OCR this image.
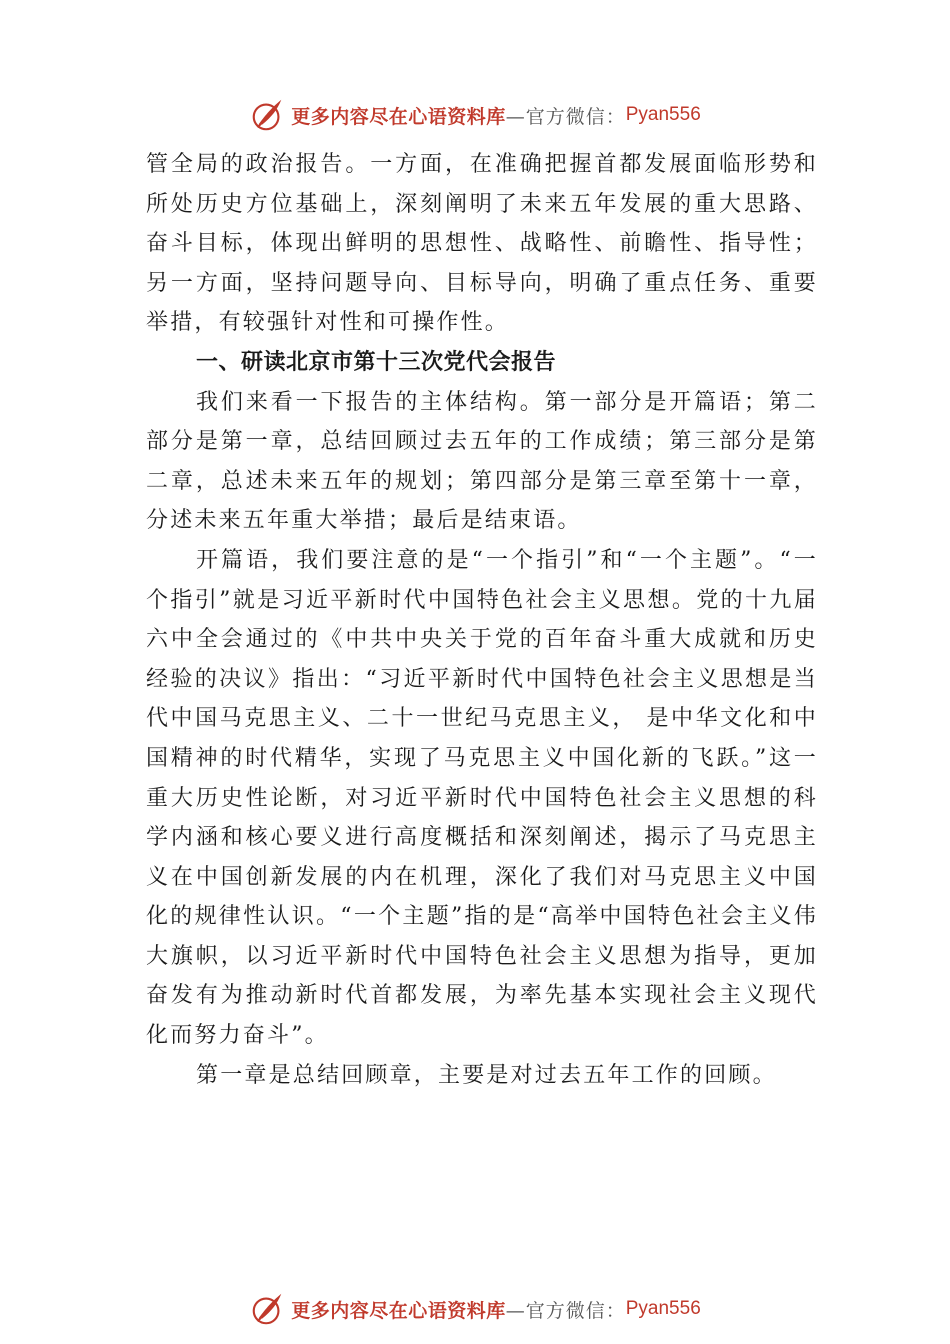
更多内容尽在心语资料库 —官方微信： Pyan556

管全局的政治报告。一方面，在准确把握首都发展面临形势和所处历史方位基础上，深刻阐明了未来五年发展的重大思路、奋斗目标，体现出鲜明的思想性、战略性、前瞻性、指导性；另一方面，坚持问题导向、目标导向，明确了重点任务、重要举措，有较强针对性和可操作性。

一、研读北京市第十三次党代会报告

我们来看一下报告的主体结构。第一部分是开篇语；第二部分是第一章，总结回顾过去五年的工作成绩；第三部分是第二章，总述未来五年的规划；第四部分是第三章至第十一章，分述未来五年重大举措；最后是结束语。

开篇语，我们要注意的是“一个指引”和“一个主题”。“一个指引”就是习近平新时代中国特色社会主义思想。党的十九届六中全会通过的《中共中央关于党的百年奋斗重大成就和历史经验的决议》指出：“习近平新时代中国特色社会主义思想是当代中国马克思主义、二十一世纪马克思主义， 是中华文化和中国精神的时代精华，实现了马克思主义中国化新的飞跃。”这一重大历史性论断，对习近平新时代中国特色社会主义思想的科学内涵和核心要义进行高度概括和深刻阐述，揭示了马克思主义在中国创新发展的内在机理，深化了我们对马克思主义中国化的规律性认识。“一个主题”指的是“高举中国特色社会主义伟大旗帜，以习近平新时代中国特色社会主义思想为指导，更加奋发有为推动新时代首都发展，为率先基本实现社会主义现代化而努力奋斗”。

第一章是总结回顾章，主要是对过去五年工作的回顾。

更多内容尽在心语资料库 —官方微信： Pyan556
